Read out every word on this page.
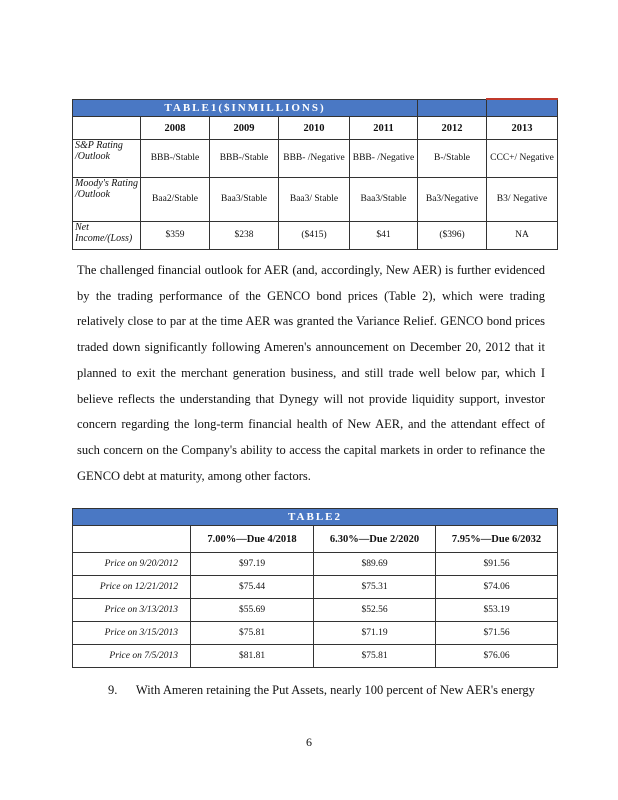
TABLE1($INMILLIONS)						
	2008	2009	2010	2011	2012	2013
S&P Rating /Outlook	BBB-/Stable	BBB-/Stable	BBB- /Negative	BBB- /Negative	B-/Stable	CCC+/ Negative
Moody's Rating /Outlook	Baa2/Stable	Baa3/Stable	Baa3/ Stable	Baa3/Stable	Ba3/Negative	B3/ Negative
Net Income/(Loss)	$359	$238	($415)	$41	($396)	NA

The challenged financial outlook for AER (and, accordingly, New AER) is further evidenced by the trading performance of the GENCO bond prices (Table 2), which were trading relatively close to par at the time AER was granted the Variance Relief. GENCO bond prices traded down significantly following Ameren's announcement on December 20, 2012 that it planned to exit the merchant generation business, and still trade well below par, which I believe reflects the understanding that Dynegy will not provide liquidity support, investor concern regarding the long-term financial health of New AER, and the attendant effect of such concern on the Company's ability to access the capital markets in order to refinance the GENCO debt at maturity, among other factors.

TABLE2			
	7.00%—Due 4/2018	6.30%—Due 2/2020	7.95%—Due 6/2032
Price on 9/20/2012	$97.19	$89.69	$91.56
Price on 12/21/2012	$75.44	$75.31	$74.06
Price on 3/13/2013	$55.69	$52.56	$53.19
Price on 3/15/2013	$75.81	$71.19	$71.56
Price on 7/5/2013	$81.81	$75.81	$76.06
9. With Ameren retaining the Put Assets, nearly 100 percent of New AER's energy
6
